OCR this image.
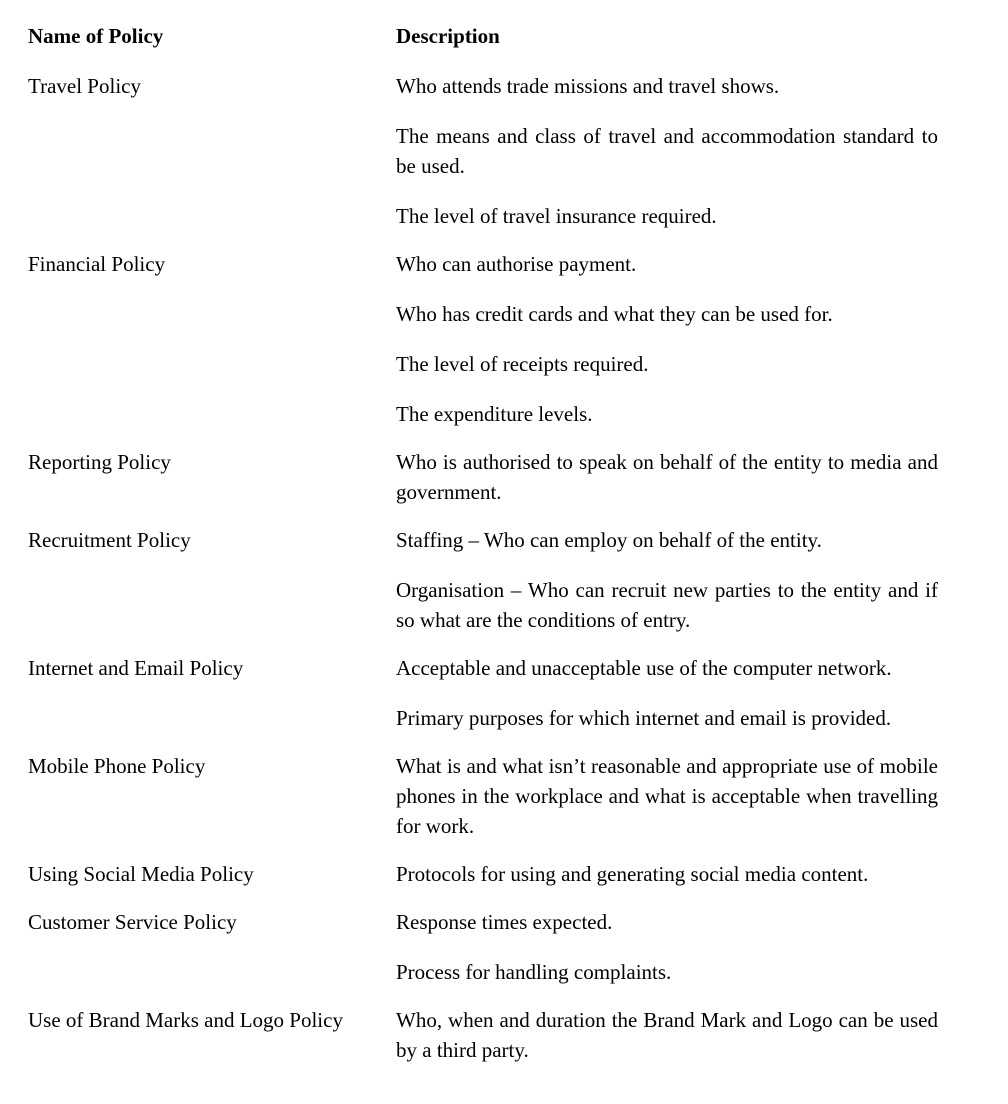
Name of Policy	Description
Travel Policy	Who attends trade missions and travel shows.

The means and class of travel and accommodation standard to be used.

The level of travel insurance required.

Financial Policy	Who can authorise payment.

Who has credit cards and what they can be used for.

The level of receipts required.

The expenditure levels.

Reporting Policy	Who is authorised to speak on behalf of the entity to media and government.

Recruitment Policy	Staffing – Who can employ on behalf of the entity.

Organisation – Who can recruit new parties to the entity and if so what are the conditions of entry.

Internet and Email Policy	Acceptable and unacceptable use of the computer network.

Primary purposes for which internet and email is provided.

Mobile Phone Policy	What is and what isn’t reasonable and appropriate use of mobile phones in the workplace and what is acceptable when travelling for work.

Using Social Media Policy	Protocols for using and generating social media content.

Customer Service Policy	Response times expected.

Process for handling complaints.

Use of Brand Marks and Logo Policy	Who, when and duration the Brand Mark and Logo can be used by a third party.
